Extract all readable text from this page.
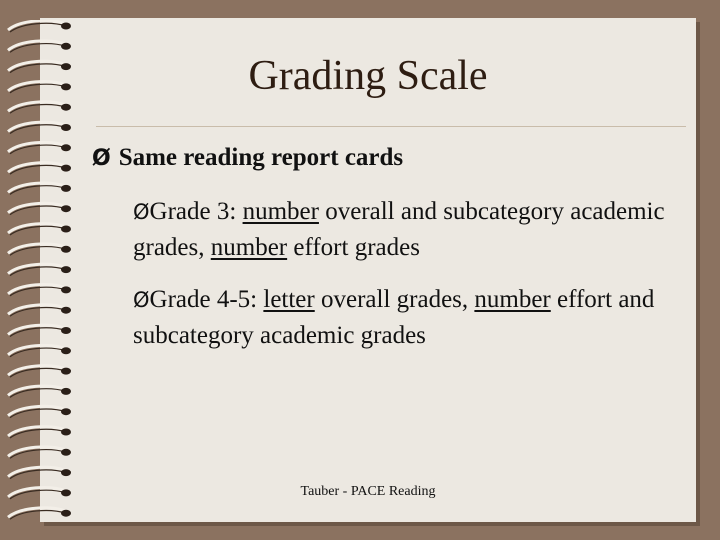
Grading Scale
Ø Same reading report cards
ØGrade 3: number overall and subcategory academic grades, number effort grades
ØGrade 4-5: letter overall grades, number effort and subcategory academic grades
Tauber - PACE Reading
